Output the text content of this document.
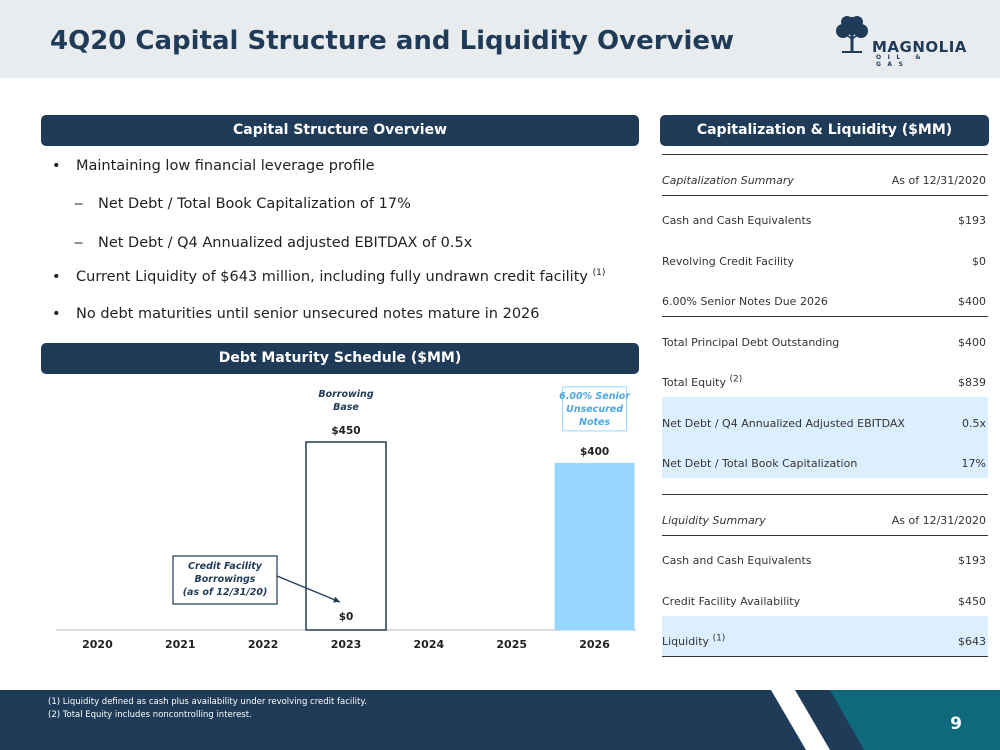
4Q20 Capital Structure and Liquidity Overview	MAGNOLIA
OIL & GAS
Capital Structure Overview
• Maintaining low financial leverage profile
‒ Net Debt / Total Book Capitalization of 17%
‒ Net Debt / Q4 Annualized adjusted EBITDAX of 0.5x
• Current Liquidity of $643 million, including fully undrawn credit facility $^{(1)}$
• No debt maturities until senior unsecured notes mature in 2026
Debt Maturity Schedule ($MM)
2020	2021	2022	2023	2024	2025	2026
$450
Borrowing
Base
$0
$400
6.00% Senior
Unsecured
Notes
Credit Facility
Borrowings
(as of 12/31/20)
Capitalization & Liquidity ($MM)
Capitalization Summary	As of 12/31/2020
Cash and Cash Equivalents	$193
Revolving Credit Facility	$0
6.00% Senior Notes Due 2026	$400
Total Principal Debt Outstanding	$400
Total Equity $^{(2)}$	$839
Net Debt / Q4 Annualized Adjusted EBITDAX	0.5x
Net Debt / Total Book Capitalization	17%
Liquidity Summary	As of 12/31/2020
Cash and Cash Equivalents	$193
Credit Facility Availability	$450
Liquidity $^{(1)}$	$643
(1) Liquidity defined as cash plus availability under revolving credit facility.
(2) Total Equity includes noncontrolling interest.	9
